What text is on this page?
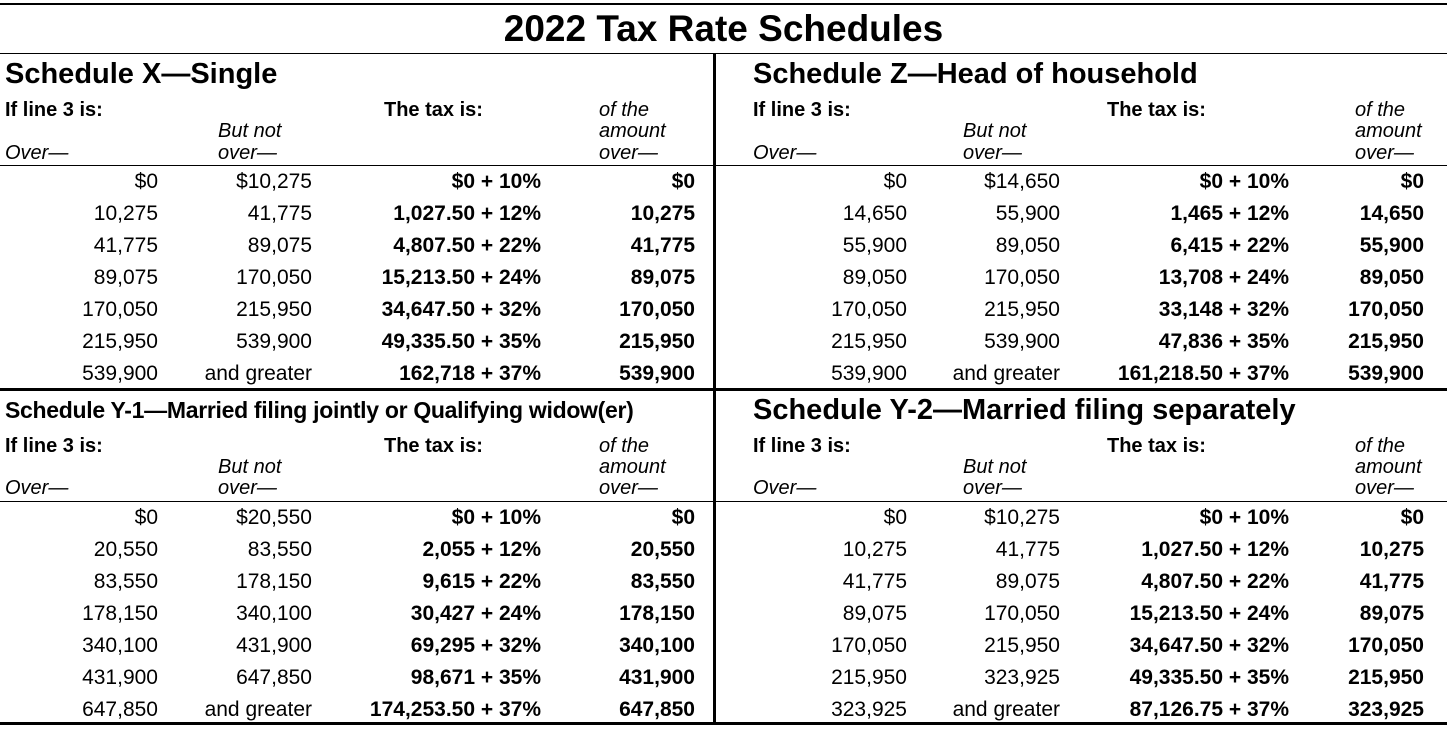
2022 Tax Rate Schedules
Schedule X—Single
If line 3 is:
But not
over—
Over—
The tax is:	of the
amount
over—
$0	$10,275	$0 + 10%	$0
10,275	41,775	1,027.50 + 12%	10,275
41,775	89,075	4,807.50 + 22%	41,775
89,075	170,050	15,213.50 + 24%	89,075
170,050	215,950	34,647.50 + 32%	170,050
215,950	539,900	49,335.50 + 35%	215,950
539,900 and greater	162,718 + 37%	539,900
Schedule Z—Head of household
If line 3 is:
But not
over—
Over—
The tax is:	of the
amount
over—
$0	$14,650	$0 + 10%	$0
14,650	55,900	1,465 + 12%	14,650
55,900	89,050	6,415 + 22%	55,900
89,050	170,050	13,708 + 24%	89,050
170,050	215,950	33,148 + 32%	170,050
215,950	539,900	47,836 + 35%	215,950
539,900 and greater	161,218.50 + 37%	539,900
Schedule Y-1—Married filing jointly or Qualifying widow(er)
If line 3 is:
But not
over—
Over—
The tax is:	of the
amount
over—
$0	$20,550	$0 + 10%	$0
20,550	83,550	2,055 + 12%	20,550
83,550	178,150	9,615 + 22%	83,550
178,150	340,100	30,427 + 24%	178,150
340,100	431,900	69,295 + 32%	340,100
431,900	647,850	98,671 + 35%	431,900
647,850 and greater	174,253.50 + 37%	647,850
Schedule Y-2—Married filing separately
If line 3 is:
But not
over—
Over—
The tax is:	of the
amount
over—
$0	$10,275	$0 + 10%	$0
10,275	41,775	1,027.50 + 12%	10,275
41,775	89,075	4,807.50 + 22%	41,775
89,075	170,050	15,213.50 + 24%	89,075
170,050	215,950	34,647.50 + 32%	170,050
215,950	323,925	49,335.50 + 35%	215,950
323,925 and greater	87,126.75 + 37%	323,925
